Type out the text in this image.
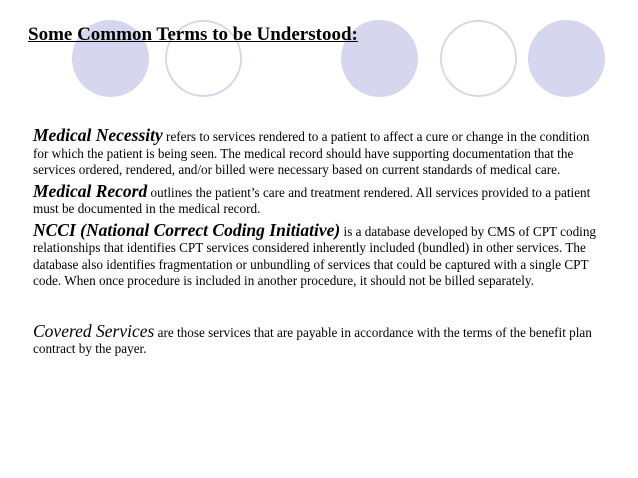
Some Common Terms to be Understood:

Medical Necessity refers to services rendered to a patient to affect a cure or change in the condition for which the patient is being seen. The medical record should have supporting documentation that the services ordered, rendered, and/or billed were necessary based on current standards of medical care.

Medical Record outlines the patient’s care and treatment rendered. All services provided to a patient must be documented in the medical record.

NCCI (National Correct Coding Initiative) is a database developed by CMS of CPT coding relationships that identifies CPT services considered inherently included (bundled) in other services. The database also identifies fragmentation or unbundling of services that could be captured with a single CPT code. When once procedure is included in another procedure, it should not be billed separately.

Covered Services are those services that are payable in accordance with the terms of the benefit plan contract by the payer.
